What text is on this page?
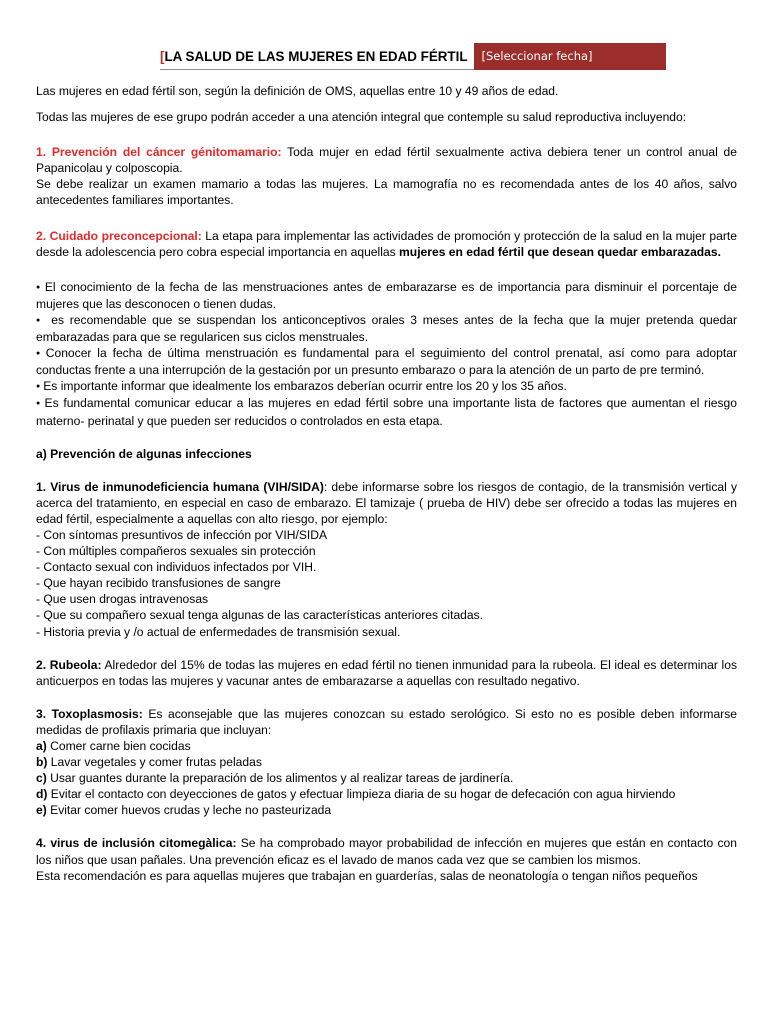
[LA SALUD DE LAS MUJERES EN EDAD FÉRTIL	[Seleccionar fecha]

Las mujeres en edad fértil son, según la definición de OMS, aquellas entre 10 y 49 años de edad.

Todas las mujeres de ese grupo podrán acceder a una atención integral que contemple su salud reproductiva incluyendo:

1. Prevención del cáncer génitomamario: Toda mujer en edad fértil sexualmente activa debiera tener un control anual de Papanicolau y colposcopia.

Se debe realizar un examen mamario a todas las mujeres. La mamografía no es recomendada antes de los 40 años, salvo antecedentes familiares importantes.

2. Cuidado preconcepcional: La etapa para implementar las actividades de promoción y protección de la salud en la mujer parte desde la adolescencia pero cobra especial importancia en aquellas mujeres en edad fértil que desean quedar embarazadas.

● El conocimiento de la fecha de las menstruaciones antes de embarazarse es de importancia para disminuir el porcentaje de mujeres que las desconocen o tienen dudas.

● es recomendable que se suspendan los anticonceptivos orales 3 meses antes de la fecha que la mujer pretenda quedar embarazadas para que se regularicen sus ciclos menstruales.

● Conocer la fecha de última menstruación es fundamental para el seguimiento del control prenatal, así como para adoptar conductas frente a una interrupción de la gestación por un presunto embarazo o para la atención de un parto de pre terminó.

● Es importante informar que idealmente los embarazos deberían ocurrir entre los 20 y los 35 años.

● Es fundamental comunicar educar a las mujeres en edad fértil sobre una importante lista de factores que aumentan el riesgo materno- perinatal y que pueden ser reducidos o controlados en esta etapa.

a) Prevención de algunas infecciones

1. Virus de inmunodeficiencia humana (VIH/SIDA): debe informarse sobre los riesgos de contagio, de la transmisión vertical y acerca del tratamiento, en especial en caso de embarazo. El tamizaje ( prueba de HIV) debe ser ofrecido a todas las mujeres en edad fértil, especialmente a aquellas con alto riesgo, por ejemplo:

- Con síntomas presuntivos de infección por VIH/SIDA

- Con múltiples compañeros sexuales sin protección

- Contacto sexual con individuos infectados por VIH.

- Que hayan recibido transfusiones de sangre

- Que usen drogas intravenosas

- Que su compañero sexual tenga algunas de las características anteriores citadas.

- Historia previa y /o actual de enfermedades de transmisión sexual.

2. Rubeola: Alrededor del 15% de todas las mujeres en edad fértil no tienen inmunidad para la rubeola. El ideal es determinar los anticuerpos en todas las mujeres y vacunar antes de embarazarse a aquellas con resultado negativo.

3. Toxoplasmosis: Es aconsejable que las mujeres conozcan su estado serológico. Si esto no es posible deben informarse medidas de profilaxis primaria que incluyan:

a) Comer carne bien cocidas

b) Lavar vegetales y comer frutas peladas

c) Usar guantes durante la preparación de los alimentos y al realizar tareas de jardinería.

d) Evitar el contacto con deyecciones de gatos y efectuar limpieza diaria de su hogar de defecación con agua hirviendo

e) Evitar comer huevos crudas y leche no pasteurizada

4. virus de inclusión citomegàlica: Se ha comprobado mayor probabilidad de infección en mujeres que están en contacto con los niños que usan pañales. Una prevención eficaz es el lavado de manos cada vez que se cambien los mismos.

Esta recomendación es para aquellas mujeres que trabajan en guarderías, salas de neonatología o tengan niños pequeños
